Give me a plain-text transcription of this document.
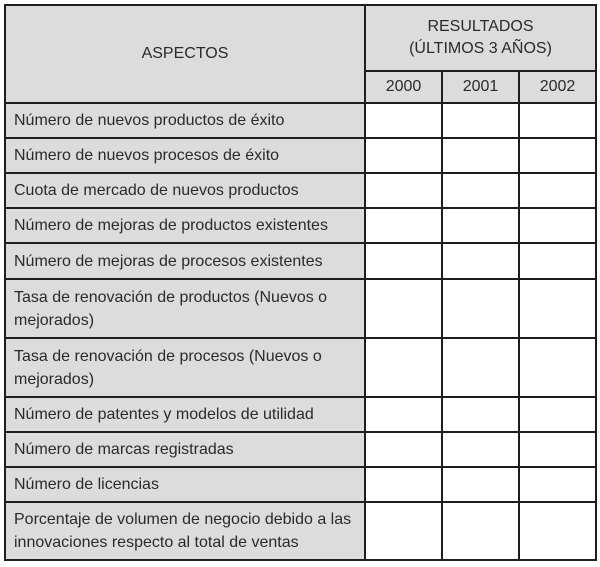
ASPECTOS	RESULTADOS
(ÚLTIMOS 3 AÑOS)		

	2000	2001	2002
Número de nuevos productos de éxito			
Número de nuevos procesos de éxito			
Cuota de mercado de nuevos productos			
Número de mejoras de productos existentes			
Número de mejoras de procesos existentes			
Tasa de renovación de productos (Nuevos o mejorados)			
Tasa de renovación de procesos (Nuevos o mejorados)			
Número de patentes y modelos de utilidad			
Número de marcas registradas			
Número de licencias			
Porcentaje de volumen de negocio debido a las innovaciones respecto al total de ventas			
